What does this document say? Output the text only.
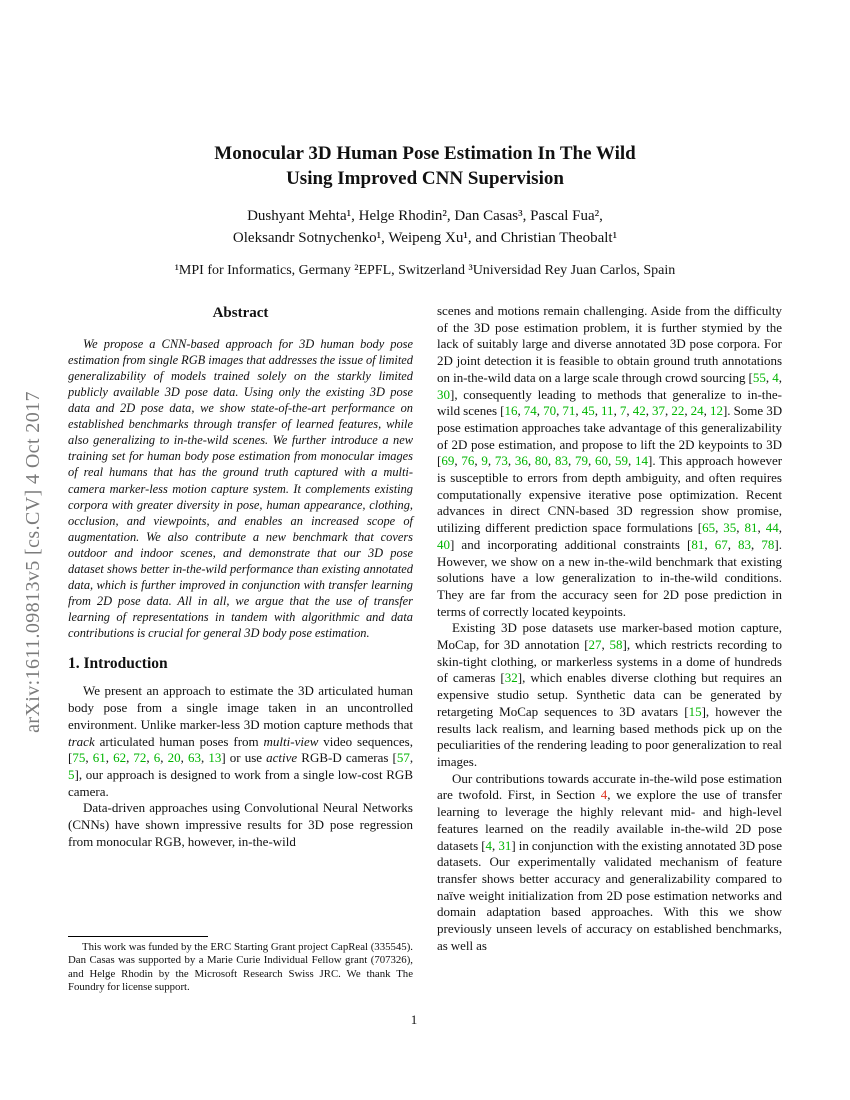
arXiv:1611.09813v5 [cs.CV] 4 Oct 2017
Monocular 3D Human Pose Estimation In The Wild
Using Improved CNN Supervision
Dushyant Mehta¹, Helge Rhodin², Dan Casas³, Pascal Fua²,
Oleksandr Sotnychenko¹, Weipeng Xu¹, and Christian Theobalt¹
¹MPI for Informatics, Germany ²EPFL, Switzerland ³Universidad Rey Juan Carlos, Spain
Abstract

We propose a CNN-based approach for 3D human body pose estimation from single RGB images that addresses the issue of limited generalizability of models trained solely on the starkly limited publicly available 3D pose data. Using only the existing 3D pose data and 2D pose data, we show state-of-the-art performance on established benchmarks through transfer of learned features, while also generalizing to in-the-wild scenes. We further introduce a new training set for human body pose estimation from monocular images of real humans that has the ground truth captured with a multi-camera marker-less motion capture system. It complements existing corpora with greater diversity in pose, human appearance, clothing, occlusion, and viewpoints, and enables an increased scope of augmentation. We also contribute a new benchmark that covers outdoor and indoor scenes, and demonstrate that our 3D pose dataset shows better in-the-wild performance than existing annotated data, which is further improved in conjunction with transfer learning from 2D pose data. All in all, we argue that the use of transfer learning of representations in tandem with algorithmic and data contributions is crucial for general 3D body pose estimation.

1. Introduction

We present an approach to estimate the 3D articulated human body pose from a single image taken in an uncontrolled environment. Unlike marker-less 3D motion capture methods that track articulated human poses from multi-view video sequences, [75, 61, 62, 72, 6, 20, 63, 13] or use active RGB-D cameras [57, 5], our approach is designed to work from a single low-cost RGB camera.

Data-driven approaches using Convolutional Neural Networks (CNNs) have shown impressive results for 3D pose regression from monocular RGB, however, in-the-wild

scenes and motions remain challenging. Aside from the difficulty of the 3D pose estimation problem, it is further stymied by the lack of suitably large and diverse annotated 3D pose corpora. For 2D joint detection it is feasible to obtain ground truth annotations on in-the-wild data on a large scale through crowd sourcing [55, 4, 30], consequently leading to methods that generalize to in-the-wild scenes [16, 74, 70, 71, 45, 11, 7, 42, 37, 22, 24, 12]. Some 3D pose estimation approaches take advantage of this generalizability of 2D pose estimation, and propose to lift the 2D keypoints to 3D [69, 76, 9, 73, 36, 80, 83, 79, 60, 59, 14]. This approach however is susceptible to errors from depth ambiguity, and often requires computationally expensive iterative pose optimization. Recent advances in direct CNN-based 3D regression show promise, utilizing different prediction space formulations [65, 35, 81, 44, 40] and incorporating additional constraints [81, 67, 83, 78]. However, we show on a new in-the-wild benchmark that existing solutions have a low generalization to in-the-wild conditions. They are far from the accuracy seen for 2D pose prediction in terms of correctly located keypoints.

Existing 3D pose datasets use marker-based motion capture, MoCap, for 3D annotation [27, 58], which restricts recording to skin-tight clothing, or markerless systems in a dome of hundreds of cameras [32], which enables diverse clothing but requires an expensive studio setup. Synthetic data can be generated by retargeting MoCap sequences to 3D avatars [15], however the results lack realism, and learning based methods pick up on the peculiarities of the rendering leading to poor generalization to real images.

Our contributions towards accurate in-the-wild pose estimation are twofold. First, in Section 4, we explore the use of transfer learning to leverage the highly relevant mid- and high-level features learned on the readily available in-the-wild 2D pose datasets [4, 31] in conjunction with the existing annotated 3D pose datasets. Our experimentally validated mechanism of feature transfer shows better accuracy and generalizability compared to naïve weight initialization from 2D pose estimation networks and domain adaptation based approaches. With this we show previously unseen levels of accuracy on established benchmarks, as well as

This work was funded by the ERC Starting Grant project CapReal (335545). Dan Casas was supported by a Marie Curie Individual Fellow grant (707326), and Helge Rhodin by the Microsoft Research Swiss JRC. We thank The Foundry for license support.
1
